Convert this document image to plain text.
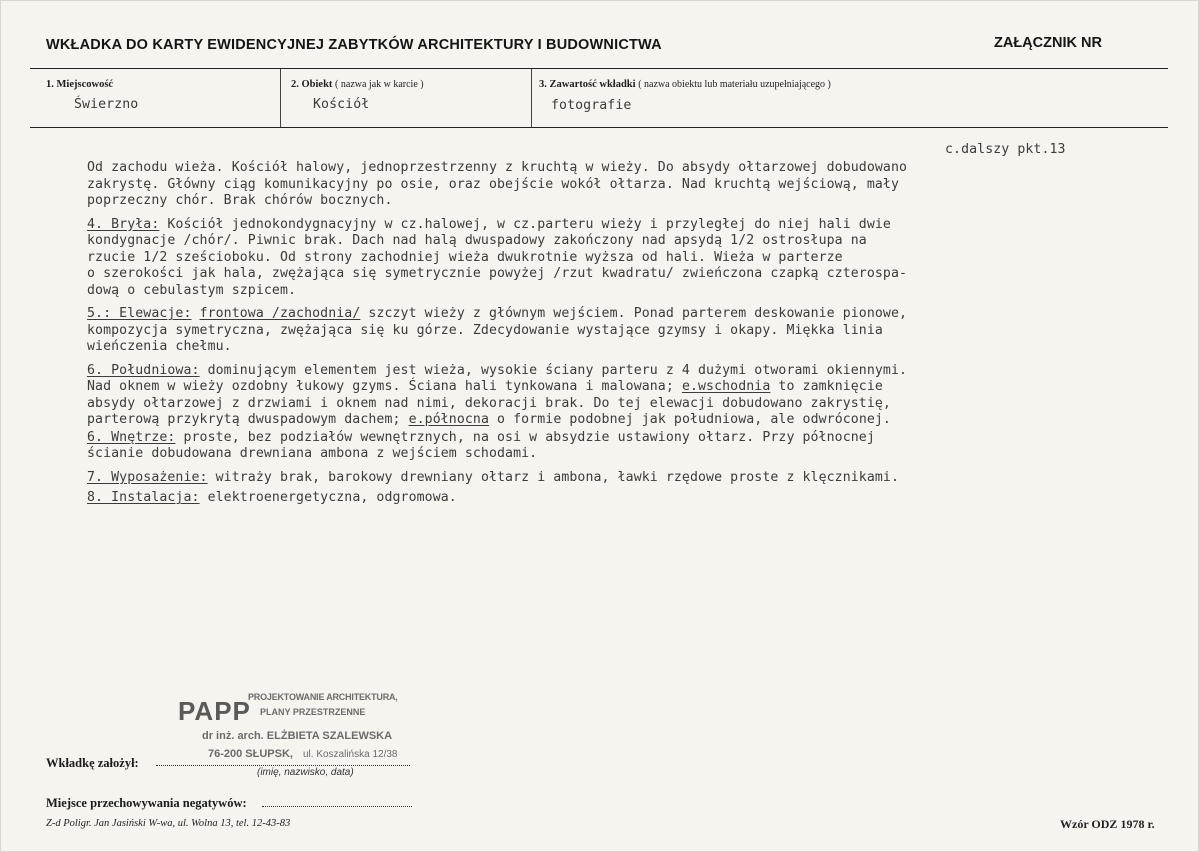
WKŁADKA DO KARTY EWIDENCYJNEJ ZABYTKÓW ARCHITEKTURY I BUDOWNICTWA	ZAŁĄCZNIK NR
1. Miejscowość
Świerzno
2. Obiekt ( nazwa jak w karcie )
Kościół
3. Zawartość wkładki ( nazwa obiektu lub materiału uzupełniającego )
fotografie
c.dalszy pkt.13
Od zachodu wieża. Kościół halowy, jednoprzestrzenny z kruchtą w wieży. Do absydy ołtarzowej dobudowano
zakrystę. Główny ciąg komunikacyjny po osie, oraz obejście wokół ołtarza. Nad kruchtą wejściową, mały
poprzeczny chór. Brak chórów bocznych.
4. Bryła: Kościół jednokondygnacyjny w cz.halowej, w cz.parteru wieży i przyległej do niej hali dwie
kondygnacje /chór/. Piwnic brak. Dach nad halą dwuspadowy zakończony nad apsydą 1/2 ostrosłupa na
rzucie 1/2 sześcioboku. Od strony zachodniej wieża dwukrotnie wyższa od hali. Wieża w parterze
o szerokości jak hala, zwężająca się symetrycznie powyżej /rzut kwadratu/ zwieńczona czapką czterospa-
dową o cebulastym szpicem.
5.: Elewacje: frontowa /zachodnia/ szczyt wieży z głównym wejściem. Ponad parterem deskowanie pionowe,
kompozycja symetryczna, zwężająca się ku górze. Zdecydowanie wystające gzymsy i okapy. Miękka linia
wieńczenia chełmu.
6. Południowa: dominującym elementem jest wieża, wysokie ściany parteru z 4 dużymi otworami okiennymi.
Nad oknem w wieży ozdobny łukowy gzyms. Ściana hali tynkowana i malowana; e.wschodnia to zamknięcie
absydy ołtarzowej z drzwiami i oknem nad nimi, dekoracji brak. Do tej elewacji dobudowano zakrystię,
parterową przykrytą dwuspadowym dachem; e.północna o formie podobnej jak południowa, ale odwróconej.
6. Wnętrze: proste, bez podziałów wewnętrznych, na osi w absydzie ustawiony ołtarz. Przy północnej
ścianie dobudowana drewniana ambona z wejściem schodami.
7. Wyposażenie: witraży brak, barokowy drewniany ołtarz i ambona, ławki rzędowe proste z klęcznikami.
8. Instalacja: elektroenergetyczna, odgromowa.
PAPP
PROJEKTOWANIE ARCHITEKTURA,
PLANY PRZESTRZENNE
dr inż. arch. ELŻBIETA SZALEWSKA
76-200 SŁUPSK, ul. Koszalińska 12/38
Wkładkę założył:
(imię, nazwisko, data)
Miejsce przechowywania negatywów:
Z-d Poligr. Jan Jasiński W-wa, ul. Wolna 13, tel. 12-43-83	Wzór ODZ 1978 r.
